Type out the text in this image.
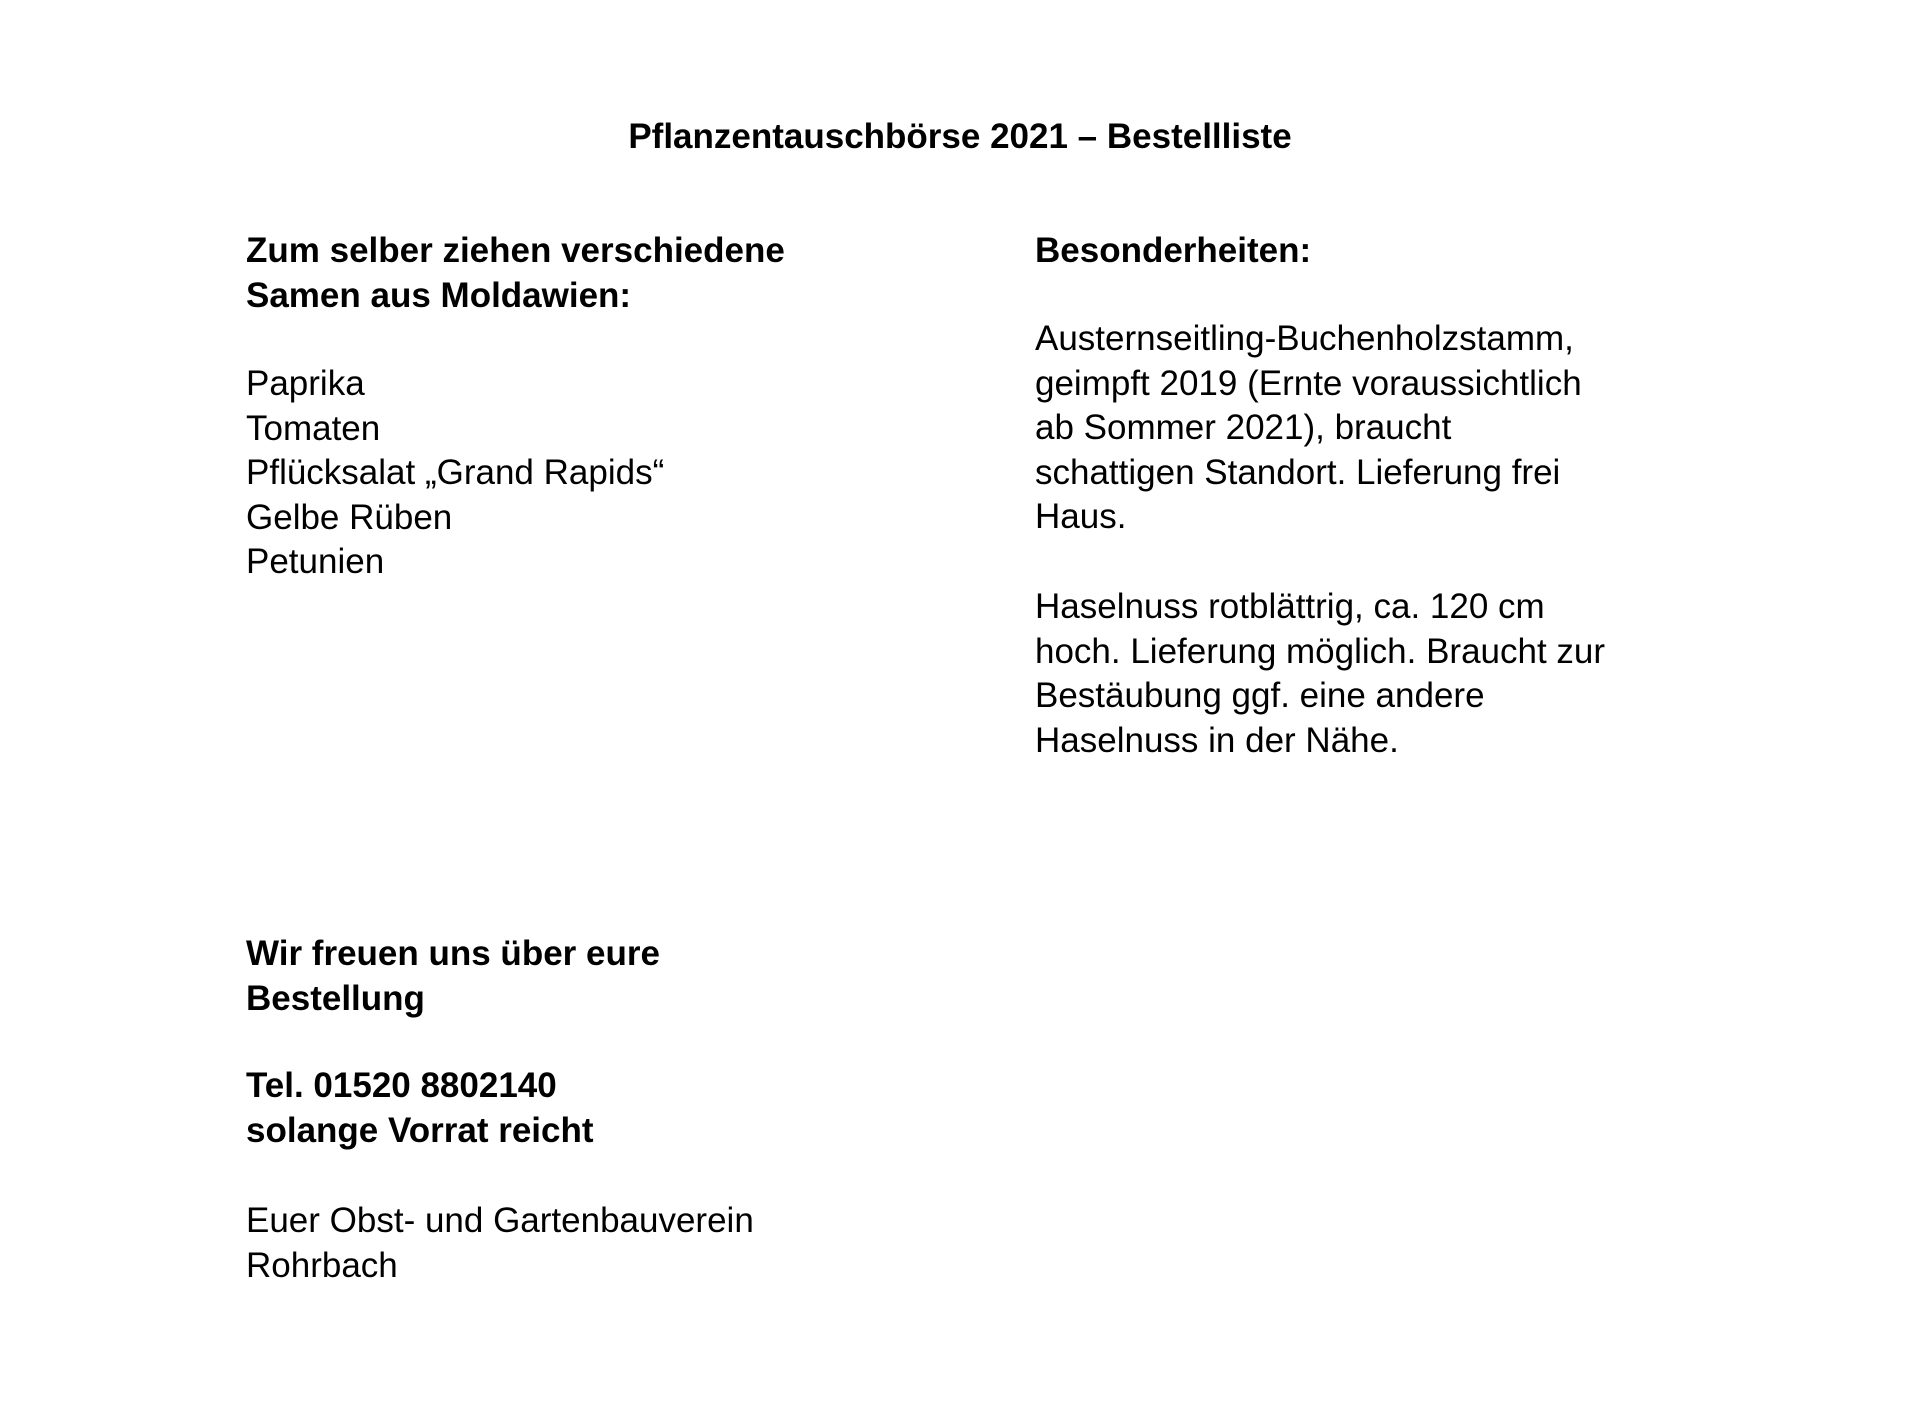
Pflanzentauschbörse 2021 – Bestellliste
Zum selber ziehen verschiedene
Samen aus Moldawien:
Paprika
Tomaten
Pflücksalat „Grand Rapids“
Gelbe Rüben
Petunien
Wir freuen uns über eure
Bestellung
Tel. 01520 8802140
solange Vorrat reicht
Euer Obst- und Gartenbauverein
Rohrbach
Besonderheiten:
Austernseitling-Buchenholzstamm,
geimpft 2019 (Ernte voraussichtlich
ab Sommer 2021), braucht
schattigen Standort. Lieferung frei
Haus.
Haselnuss rotblättrig, ca. 120 cm
hoch. Lieferung möglich. Braucht zur
Bestäubung ggf. eine andere
Haselnuss in der Nähe.
